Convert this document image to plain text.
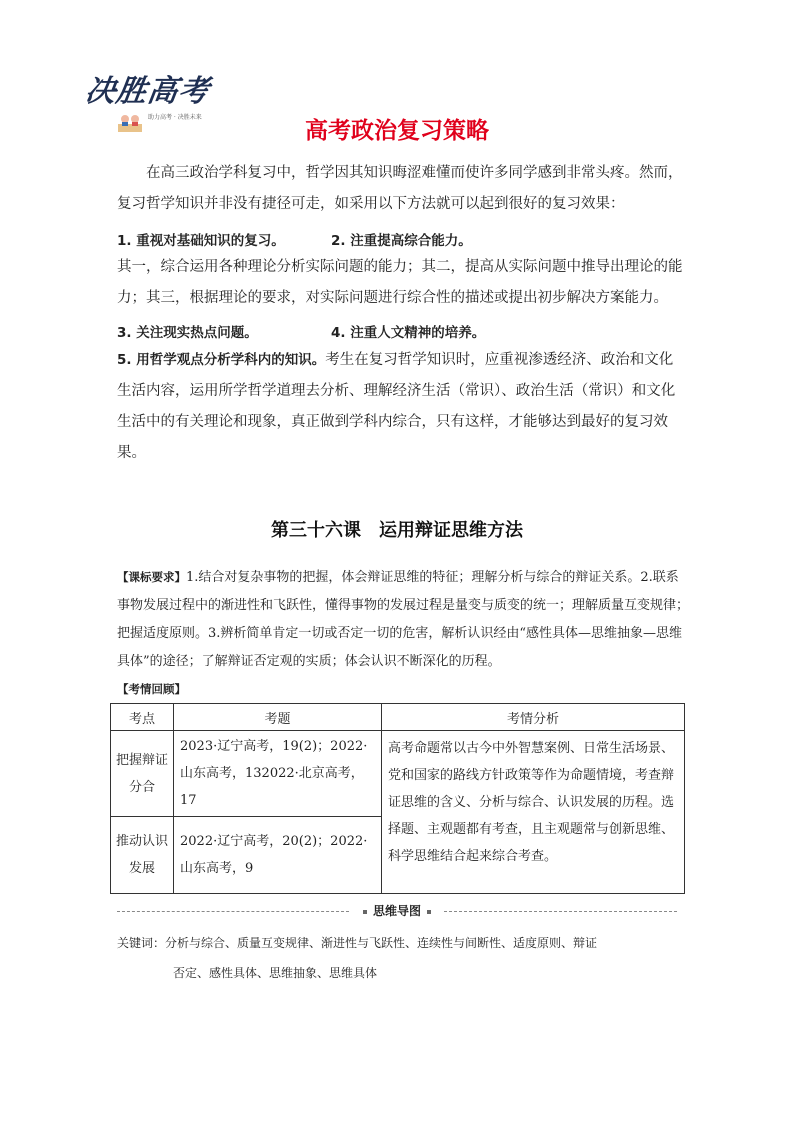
决胜高考
助力高考 · 决胜未来
高考政治复习策略
在高三政治学科复习中，哲学因其知识晦涩难懂而使许多同学感到非常头疼。然而，复习哲学知识并非没有捷径可走，如采用以下方法就可以起到很好的复习效果：
1. 重视对基础知识的复习。	2. 注重提高综合能力。
其一，综合运用各种理论分析实际问题的能力；其二，提高从实际问题中推导出理论的能力；其三，根据理论的要求，对实际问题进行综合性的描述或提出初步解决方案能力。
3. 关注现实热点问题。	4. 注重人文精神的培养。
5. 用哲学观点分析学科内的知识。考生在复习哲学知识时，应重视渗透经济、政治和文化生活内容，运用所学哲学道理去分析、理解经济生活（常识）、政治生活（常识）和文化生活中的有关理论和现象，真正做到学科内综合，只有这样，才能够达到最好的复习效果。
第三十六课　运用辩证思维方法
【课标要求】1.结合对复杂事物的把握，体会辩证思维的特征；理解分析与综合的辩证关系。2.联系事物发展过程中的渐进性和飞跃性，懂得事物的发展过程是量变与质变的统一；理解质量互变规律；把握适度原则。3.辨析简单肯定一切或否定一切的危害，解析认识经由“感性具体—思维抽象—思维具体”的途径；了解辩证否定观的实质；体会认识不断深化的历程。
【考情回顾】
考点	考题	考情分析
把握辩证分合	2023·辽宁高考，19(2)；2022·山东高考，132022·北京高考，17	高考命题常以古今中外智慧案例、日常生活场景、党和国家的路线方针政策等作为命题情境，考查辩证思维的含义、分析与综合、认识发展的历程。选择题、主观题都有考查，且主观题常与创新思维、科学思维结合起来综合考查。
推动认识发展	2022·辽宁高考，20(2)；2022·山东高考，9	
思维导图
关键词：分析与综合、质量互变规律、渐进性与飞跃性、连续性与间断性、适度原则、辩证
否定、感性具体、思维抽象、思维具体
